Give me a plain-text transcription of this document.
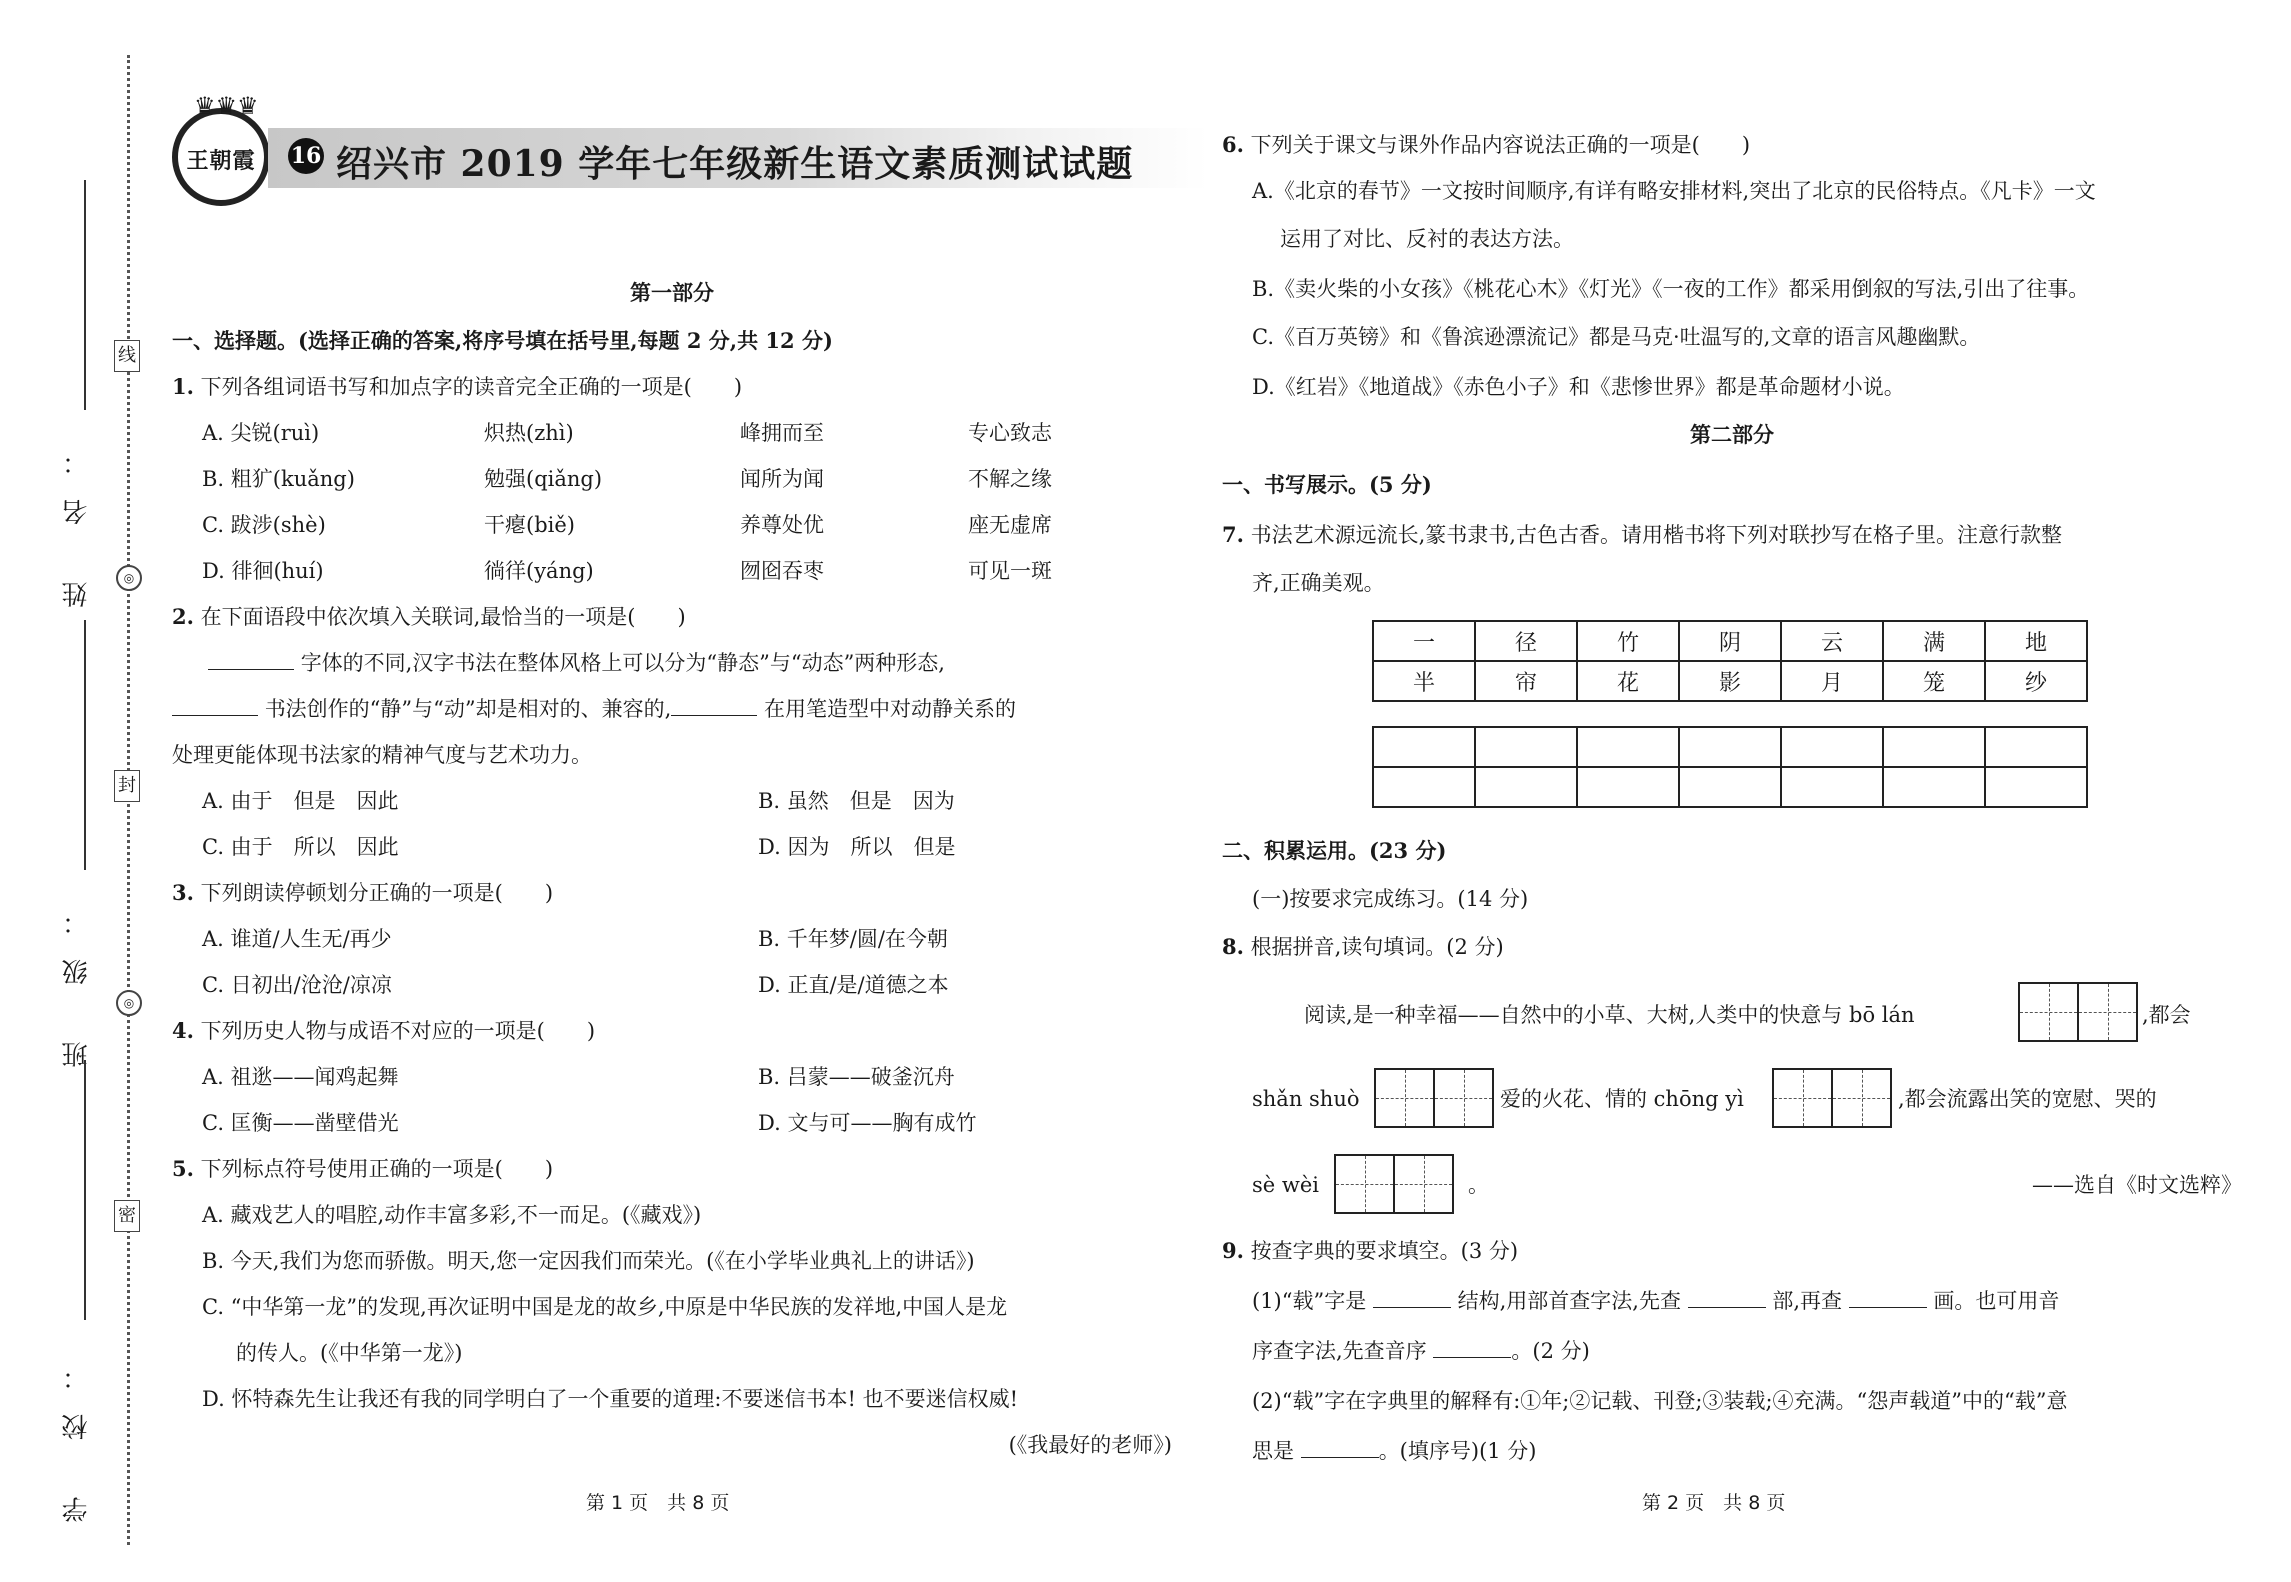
线
◎
封
◎
密
姓 名：
班 级：
学 校：
♛♛♛
王朝霞	16 绍兴市 2019 学年七年级新生语文素质测试试题
第一部分
一、选择题。(选择正确的答案,将序号填在括号里,每题 2 分,共 12 分)
1. 下列各组词语书写和加点字的读音完全正确的一项是(　　)
A. 尖锐(ruì)	炽热(zhì)	峰拥而至	专心致志
B. 粗犷(kuǎng)	勉强(qiǎng)	闻所为闻	不解之缘
C. 跋涉(shè)	干瘪(biě)	养尊处优	座无虚席
D. 徘徊(huí)	徜徉(yáng)	囫囵吞枣	可见一斑
2. 在下面语段中依次填入关联词,最恰当的一项是(　　)
字体的不同,汉字书法在整体风格上可以分为“静态”与“动态”两种形态,
书法创作的“静”与“动”却是相对的、兼容的,	在用笔造型中对动静关系的
处理更能体现书法家的精神气度与艺术功力。
A. 由于　但是　因此	B. 虽然　但是　因为
C. 由于　所以　因此	D. 因为　所以　但是
3. 下列朗读停顿划分正确的一项是(　　)
A. 谁道/人生无/再少	B. 千年梦/圆/在今朝
C. 日初出/沧沧/凉凉	D. 正直/是/道德之本
4. 下列历史人物与成语不对应的一项是(　　)
A. 祖逖——闻鸡起舞	B. 吕蒙——破釜沉舟
C. 匡衡——凿壁借光	D. 文与可——胸有成竹
5. 下列标点符号使用正确的一项是(　　)
A. 藏戏艺人的唱腔,动作丰富多彩,不一而足。(《藏戏》)
B. 今天,我们为您而骄傲。明天,您一定因我们而荣光。(《在小学毕业典礼上的讲话》)
C. “中华第一龙”的发现,再次证明中国是龙的故乡,中原是中华民族的发祥地,中国人是龙
的传人。(《中华第一龙》)
D. 怀特森先生让我还有我的同学明白了一个重要的道理:不要迷信书本! 也不要迷信权威!
(《我最好的老师》)
第 1 页　共 8 页
6. 下列关于课文与课外作品内容说法正确的一项是(　　)
A.《北京的春节》一文按时间顺序,有详有略安排材料,突出了北京的民俗特点。《凡卡》一文
运用了对比、反衬的表达方法。
B.《卖火柴的小女孩》《桃花心木》《灯光》《一夜的工作》都采用倒叙的写法,引出了往事。
C.《百万英镑》和《鲁滨逊漂流记》都是马克·吐温写的,文章的语言风趣幽默。
D.《红岩》《地道战》《赤色小子》和《悲惨世界》都是革命题材小说。
第二部分
一、书写展示。(5 分)
7. 书法艺术源远流长,篆书隶书,古色古香。请用楷书将下列对联抄写在格子里。注意行款整
齐,正确美观。
一	径	竹	阴	云	满	地
半	帘	花	影	月	笼	纱

二、积累运用。(23 分)
(一)按要求完成练习。(14 分)
8. 根据拼音,读句填词。(2 分)
阅读,是一种幸福——自然中的小草、大树,人类中的快意与 bō lán	,都会
shǎn shuò	爱的火花、情的 chōng yì	,都会流露出笑的宽慰、哭的
sè wèi	。	——选自《时文选粹》
9. 按查字典的要求填空。(3 分)
(1)“载”字是	结构,用部首查字法,先查	部,再查	画。也可用音
序查字法,先查音序	。(2 分)
(2)“载”字在字典里的解释有:①年;②记载、刊登;③装载;④充满。“怨声载道”中的“载”意
思是	。(填序号)(1 分)
第 2 页　共 8 页
